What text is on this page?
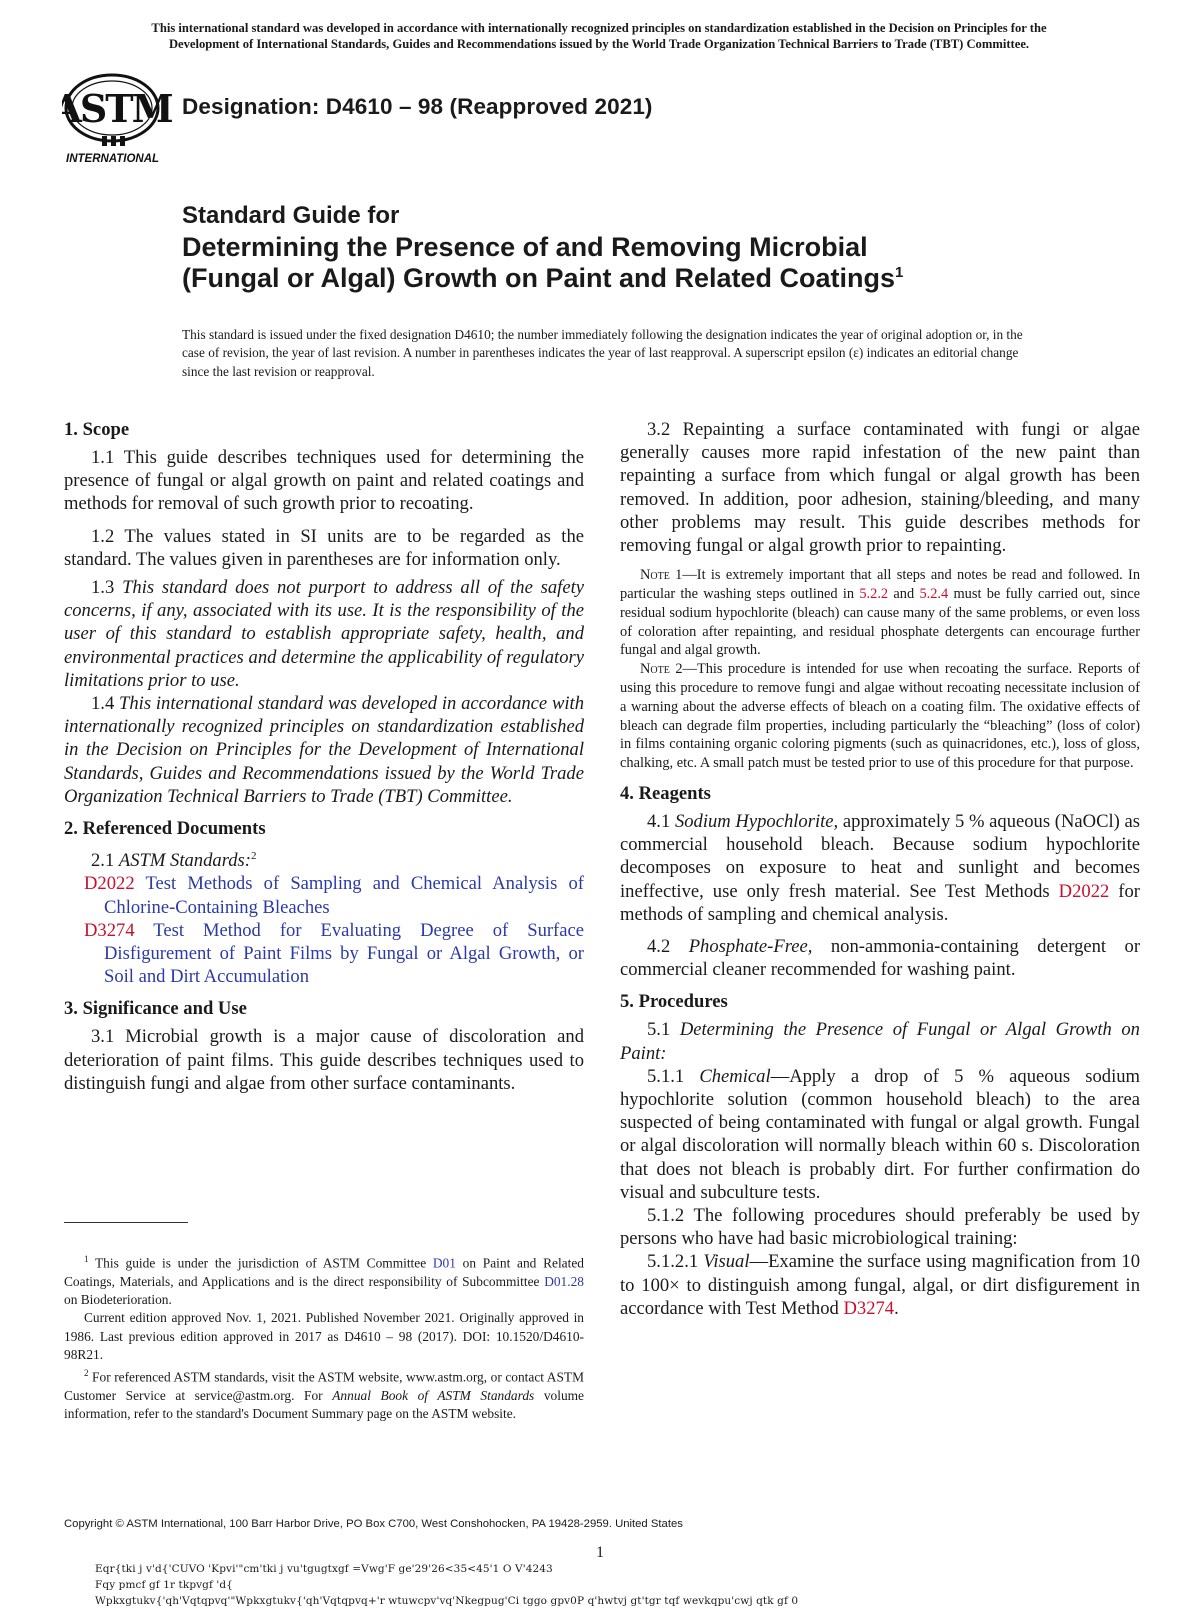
This international standard was developed in accordance with internationally recognized principles on standardization established in the Decision on Principles for the
Development of International Standards, Guides and Recommendations issued by the World Trade Organization Technical Barriers to Trade (TBT) Committee.
ASTM
INTERNATIONAL
Designation: D4610 – 98 (Reapproved 2021)
Standard Guide for
Determining the Presence of and Removing Microbial
(Fungal or Algal) Growth on Paint and Related Coatings$^1$
This standard is issued under the fixed designation D4610; the number immediately following the designation indicates the year of original adoption or, in the case of revision, the year of last revision. A number in parentheses indicates the year of last reapproval. A superscript epsilon (ε) indicates an editorial change since the last revision or reapproval.
1. Scope

1.1 This guide describes techniques used for determining the presence of fungal or algal growth on paint and related coatings and methods for removal of such growth prior to recoating.

1.2 The values stated in SI units are to be regarded as the standard. The values given in parentheses are for information only.

1.3 This standard does not purport to address all of the safety concerns, if any, associated with its use. It is the responsibility of the user of this standard to establish appropriate safety, health, and environmental practices and determine the applicability of regulatory limitations prior to use.

1.4 This international standard was developed in accordance with internationally recognized principles on standardization established in the Decision on Principles for the Development of International Standards, Guides and Recommendations issued by the World Trade Organization Technical Barriers to Trade (TBT) Committee.

2. Referenced Documents

2.1 ASTM Standards:$^2$

D2022 Test Methods of Sampling and Chemical Analysis of Chlorine-Containing Bleaches

D3274 Test Method for Evaluating Degree of Surface Disfigurement of Paint Films by Fungal or Algal Growth, or Soil and Dirt Accumulation

3. Significance and Use

3.1 Microbial growth is a major cause of discoloration and deterioration of paint films. This guide describes techniques used to distinguish fungi and algae from other surface contaminants.

$^1$ This guide is under the jurisdiction of ASTM Committee D01 on Paint and Related Coatings, Materials, and Applications and is the direct responsibility of Subcommittee D01.28 on Biodeterioration.

Current edition approved Nov. 1, 2021. Published November 2021. Originally approved in 1986. Last previous edition approved in 2017 as D4610 – 98 (2017). DOI: 10.1520/D4610-98R21.

$^2$ For referenced ASTM standards, visit the ASTM website, www.astm.org, or contact ASTM Customer Service at service@astm.org. For Annual Book of ASTM Standards volume information, refer to the standard's Document Summary page on the ASTM website.

3.2 Repainting a surface contaminated with fungi or algae generally causes more rapid infestation of the new paint than repainting a surface from which fungal or algal growth has been removed. In addition, poor adhesion, staining/bleeding, and many other problems may result. This guide describes methods for removing fungal or algal growth prior to repainting.

Note 1—It is extremely important that all steps and notes be read and followed. In particular the washing steps outlined in 5.2.2 and 5.2.4 must be fully carried out, since residual sodium hypochlorite (bleach) can cause many of the same problems, or even loss of coloration after repainting, and residual phosphate detergents can encourage further fungal and algal growth.

Note 2—This procedure is intended for use when recoating the surface. Reports of using this procedure to remove fungi and algae without recoating necessitate inclusion of a warning about the adverse effects of bleach on a coating film. The oxidative effects of bleach can degrade film properties, including particularly the “bleaching” (loss of color) in films containing organic coloring pigments (such as quinacridones, etc.), loss of gloss, chalking, etc. A small patch must be tested prior to use of this procedure for that purpose.

4. Reagents

4.1 Sodium Hypochlorite, approximately 5 % aqueous (NaOCl) as commercial household bleach. Because sodium hypochlorite decomposes on exposure to heat and sunlight and becomes ineffective, use only fresh material. See Test Methods D2022 for methods of sampling and chemical analysis.

4.2 Phosphate-Free, non-ammonia-containing detergent or commercial cleaner recommended for washing paint.

5. Procedures

5.1 Determining the Presence of Fungal or Algal Growth on Paint:

5.1.1 Chemical—Apply a drop of 5 % aqueous sodium hypochlorite solution (common household bleach) to the area suspected of being contaminated with fungal or algal growth. Fungal or algal discoloration will normally bleach within 60 s. Discoloration that does not bleach is probably dirt. For further confirmation do visual and subculture tests.

5.1.2 The following procedures should preferably be used by persons who have had basic microbiological training:

5.1.2.1 Visual—Examine the surface using magnification from 10 to 100× to distinguish among fungal, algal, or dirt disfigurement in accordance with Test Method D3274.

Copyright © ASTM International, 100 Barr Harbor Drive, PO Box C700, West Conshohocken, PA 19428-2959. United States
1
Eqr{tki j v'd{'CUVO 'Kpvi'"cm'tki j vu'tgugtxgf =Vwg'F ge'29'26<35<45'1 O V'4243
Fqy pmcf gf 1r tkpvgf 'd{
Wpkxgtukv{'qh'Vqtqpvq'"Wpkxgtukv{'qh'Vqtqpvq+'r wtuwcpv'vq'Nkegpug'Ci tggo gpv0P q'hwtvj gt'tgr tqf wevkqpu'cwj qtk gf 0
